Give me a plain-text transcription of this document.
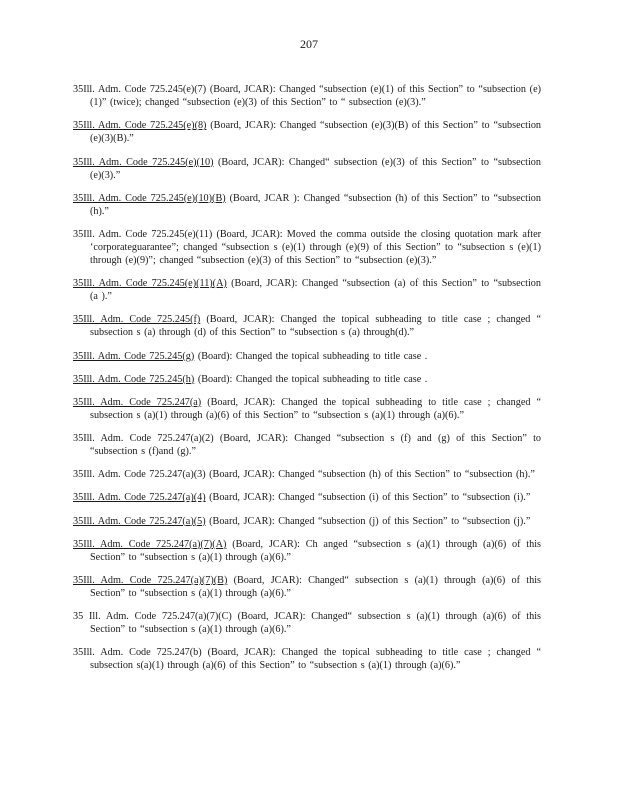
207

35Ill. Adm. Code 725.245(e)(7) (Board, JCAR): Changed “subsection (e)(1) of this Section” to “subsection (e)(1)” (twice); changed “subsection (e)(3) of this Section” to “ subsection (e)(3).”

35Ill. Adm. Code 725.245(e)(8) (Board, JCAR): Changed “subsection (e)(3)(B) of this Section” to “subsection (e)(3)(B).”

35Ill. Adm. Code 725.245(e)(10) (Board, JCAR): Changed“ subsection (e)(3) of this Section” to “subsection (e)(3).”

35Ill. Adm. Code 725.245(e)(10)(B) (Board, JCAR ): Changed “subsection (h) of this Section” to “subsection (h).”

35Ill. Adm. Code 725.245(e)(11) (Board, JCAR): Moved the comma outside the closing quotation mark after ‘corporateguarantee”; changed “subsection s (e)(1) through (e)(9) of this Section” to “subsection s (e)(1) through (e)(9)”; changed “subsection (e)(3) of this Section” to “subsection (e)(3).”

35Ill. Adm. Code 725.245(e)(11)(A) (Board, JCAR): Changed “subsection (a) of this Section” to “subsection (a ).”

35Ill. Adm. Code 725.245(f) (Board, JCAR): Changed the topical subheading to title case ; changed “ subsection s (a) through (d) of this Section” to “subsection s (a) through(d).”

35Ill. Adm. Code 725.245(g) (Board): Changed the topical subheading to title case .

35Ill. Adm. Code 725.245(h) (Board): Changed the topical subheading to title case .

35Ill. Adm. Code 725.247(a) (Board, JCAR): Changed the topical subheading to title case ; changed “ subsection s (a)(1) through (a)(6) of this Section” to “subsection s (a)(1) through (a)(6).”

35Ill. Adm. Code 725.247(a)(2) (Board, JCAR): Changed “subsection s (f) and (g) of this Section” to “subsection s (f)and (g).”

35Ill. Adm. Code 725.247(a)(3) (Board, JCAR): Changed “subsection (h) of this Section” to “subsection (h).”

35Ill. Adm. Code 725.247(a)(4) (Board, JCAR): Changed “subsection (i) of this Section” to “subsection (i).”

35Ill. Adm. Code 725.247(a)(5) (Board, JCAR): Changed “subsection (j) of this Section” to “subsection (j).”

35Ill. Adm. Code 725.247(a)(7)(A) (Board, JCAR): Ch anged “subsection s (a)(1) through (a)(6) of this Section” to “subsection s (a)(1) through (a)(6).”

35Ill. Adm. Code 725.247(a)(7)(B) (Board, JCAR): Changed“ subsection s (a)(1) through (a)(6) of this Section” to “subsection s (a)(1) through (a)(6).”

35 Ill. Adm. Code 725.247(a)(7)(C) (Board, JCAR): Changed“ subsection s (a)(1) through (a)(6) of this Section” to “subsection s (a)(1) through (a)(6).”

35Ill. Adm. Code 725.247(b) (Board, JCAR): Changed the topical subheading to title case ; changed “ subsection s(a)(1) through (a)(6) of this Section” to “subsection s (a)(1) through (a)(6).”
